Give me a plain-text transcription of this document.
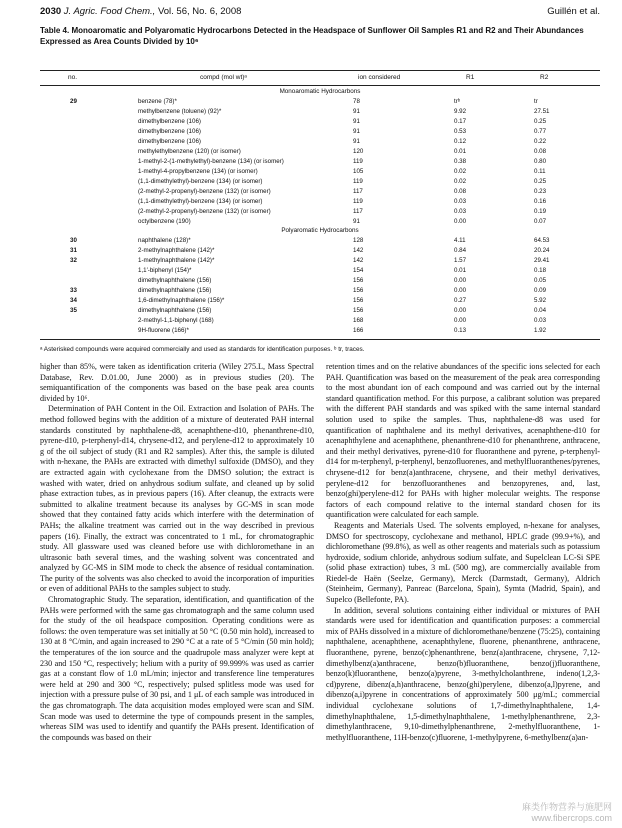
2030 J. Agric. Food Chem., Vol. 56, No. 6, 2008	Guillén et al.
Table 4. Monoaromatic and Polyaromatic Hydrocarbons Detected in the Headspace of Sunflower Oil Samples R1 and R2 and Their Abundances Expressed as Area Counts Divided by 10⁶
no.	compd (mol wt)ᵃ	ion considered	R1	R2
Monoaromatic Hydrocarbons
29	benzene (78)*	78	trᵇ	tr
methylbenzene (toluene) (92)*	91	9.92	27.51
dimethylbenzene (106)	91	0.17	0.25
dimethylbenzene (106)	91	0.53	0.77
dimethylbenzene (106)	91	0.12	0.22
methylethylbenzene (120) (or isomer)	120	0.01	0.08
1-methyl-2-(1-methylethyl)-benzene (134) (or isomer)	119	0.38	0.80
1-methyl-4-propylbenzene (134) (or isomer)	105	0.02	0.11
(1,1-dimethylethyl)-benzene (134) (or isomer)	119	0.02	0.25
(2-methyl-2-propenyl)-benzene (132) (or isomer)	117	0.08	0.23
(1,1-dimethylethyl)-benzene (134) (or isomer)	119	0.03	0.16
(2-methyl-2-propenyl)-benzene (132) (or isomer)	117	0.03	0.19
octylbenzene (190)	91	0.00	0.07
Polyaromatic Hydrocarbons
30	naphthalene (128)*	128	4.11	64.53
31	2-methylnaphthalene (142)*	142	0.84	20.24
32	1-methylnaphthalene (142)*	142	1.57	29.41
1,1′-biphenyl (154)*	154	0.01	0.18
dimethylnaphthalene (156)	156	0.00	0.05
33	dimethylnaphthalene (156)	156	0.00	0.09
34	1,6-dimethylnaphthalene (156)*	156	0.27	5.92
35	dimethylnaphthalene (156)	156	0.00	0.04
2-methyl-1,1-biphenyl (168)	168	0.00	0.03
9H-fluorene (166)*	166	0.13	1.92
ᵃ Asterisked compounds were acquired commercially and used as standards for identification purposes. ᵇ tr, traces.

higher than 85%, were taken as identification criteria (Wiley 275.L, Mass Spectral Database, Rev. D.01.00, June 2000) as in previous studies (20). The semiquantification of the components was based on the base peak area counts divided by 10⁶.

Determination of PAH Content in the Oil. Extraction and Isolation of PAHs. The method followed begins with the addition of a mixture of deuterated PAH internal standards constituted by naphthalene-d8, acenaphthene-d10, phenanthrene-d10, pyrene-d10, p-terphenyl-d14, chrysene-d12, and perylene-d12 to approximately 10 g of the oil subject of study (R1 and R2 samples). After this, the sample is diluted with n-hexane, the PAHs are extracted with dimethyl sulfoxide (DMSO), and they are extracted again with cyclohexane from the DMSO solution; the extract is washed with water, dried on anhydrous sodium sulfate, and cleaned up by solid phase extraction tubes, as in previous papers (16). After cleanup, the extracts were submitted to alkaline treatment because its analyses by GC-MS in scan mode showed that they contained fatty acids which interfere with the determination of PAHs; the alkaline treatment was carried out in the way described in previous papers (16). Finally, the extract was concentrated to 1 mL, for chromatographic study. All glassware used was cleaned before use with dichloromethane in an ultrasonic bath several times, and the washing solvent was concentrated and analyzed by GC-MS in SIM mode to check the absence of residual contamination. The purity of the solvents was also checked to avoid the incorporation of impurities or even of additional PAHs to the samples subject to study.

Chromatographic Study. The separation, identification, and quantification of the PAHs were performed with the same gas chromatograph and the same column used for the study of the oil headspace composition. Operating conditions were as follows: the oven temperature was set initially at 50 °C (0.50 min hold), increased to 130 at 8 °C/min, and again increased to 290 °C at a rate of 5 °C/min (50 min hold); the temperatures of the ion source and the quadrupole mass analyzer were kept at 230 and 150 °C, respectively; helium with a purity of 99.999% was used as carrier gas at a constant flow of 1.0 mL/min; injector and transference line temperatures were held at 290 and 300 °C, respectively; pulsed splitless mode was used for injection with a pressure pulse of 30 psi, and 1 μL of each sample was introduced in the gas chromatograph. The data acquisition modes employed were scan and SIM. Scan mode was used to determine the type of compounds present in the samples, whereas SIM was used to identify and quantify the PAHs present. Identification of the compounds was based on their

retention times and on the relative abundances of the specific ions selected for each PAH. Quantification was based on the measurement of the peak area corresponding to the most abundant ion of each compound and was carried out by the internal standard quantification method. For this purpose, a calibrant solution was prepared with the different PAH standards and was spiked with the same internal standard solution used to spike the samples. Thus, naphthalene-d8 was used for quantification of naphthalene and its methyl derivatives, acenaphthene-d10 for acenaphthylene and acenaphthene, phenanthrene-d10 for phenanthrene, anthracene, and their methyl derivatives, pyrene-d10 for fluoranthene and pyrene, p-terphenyl-d14 for m-terphenyl, p-terphenyl, benzofluorenes, and methylfluoranthenes/pyrenes, chrysene-d12 for benz(a)anthracene, chrysene, and their methyl derivatives, perylene-d12 for benzofluoranthenes and benzopyrenes, and, last, benzo(ghi)perylene-d12 for PAHs with higher molecular weights. The response factors of each compound relative to the internal standard chosen for its quantification were calculated for each sample.

Reagents and Materials Used. The solvents employed, n-hexane for analyses, DMSO for spectroscopy, cyclohexane and methanol, HPLC grade (99.9+%), and dichloromethane (99.8%), as well as other reagents and materials such as potassium hydroxide, sodium chloride, anhydrous sodium sulfate, and Supelclean LC-Si SPE (solid phase extraction) tubes, 3 mL (500 mg), are commercially available from Riedel-de Haën (Seelze, Germany), Merck (Darmstadt, Germany), Aldrich (Steinheim, Germany), Panreac (Barcelona, Spain), Symta (Madrid, Spain), and Supelco (Bellefonte, PA).

In addition, several solutions containing either individual or mixtures of PAH standards were used for identification and quantification purposes: a commercial mix of PAHs dissolved in a mixture of dichloromethane/benzene (75:25), containing naphthalene, acenaphthene, acenaphthylene, fluorene, phenanthrene, anthracene, fluoranthene, pyrene, benzo(c)phenanthrene, benz(a)anthracene, chrysene, 7,12-dimethylbenz(a)anthracene, benzo(b)fluoranthene, benzo(j)fluoranthene, benzo(k)fluoranthene, benzo(a)pyrene, 3-methylcholanthrene, indeno(1,2,3-cd)pyrene, dibenz(a,h)anthracene, benzo(ghi)perylene, dibenzo(a,l)pyrene, and dibenzo(a,i)pyrene in concentrations of approximately 500 μg/mL; commercial individual cyclohexane solutions of 1,7-dimethylnaphthalene, 1,4-dimethylnaphthalene, 1,5-dimethylnaphthalene, 1-methylphenanthrene, 2,3-dimethylanthracene, 9,10-dimethylphenanthrene, 2-methylfluoranthene, 1-methylfluoranthene, 11H-benzo(c)fluorene, 1-methylpyrene, 6-methylbenz(a)an-

麻类作物营养与施肥网
www.fibercrops.com
